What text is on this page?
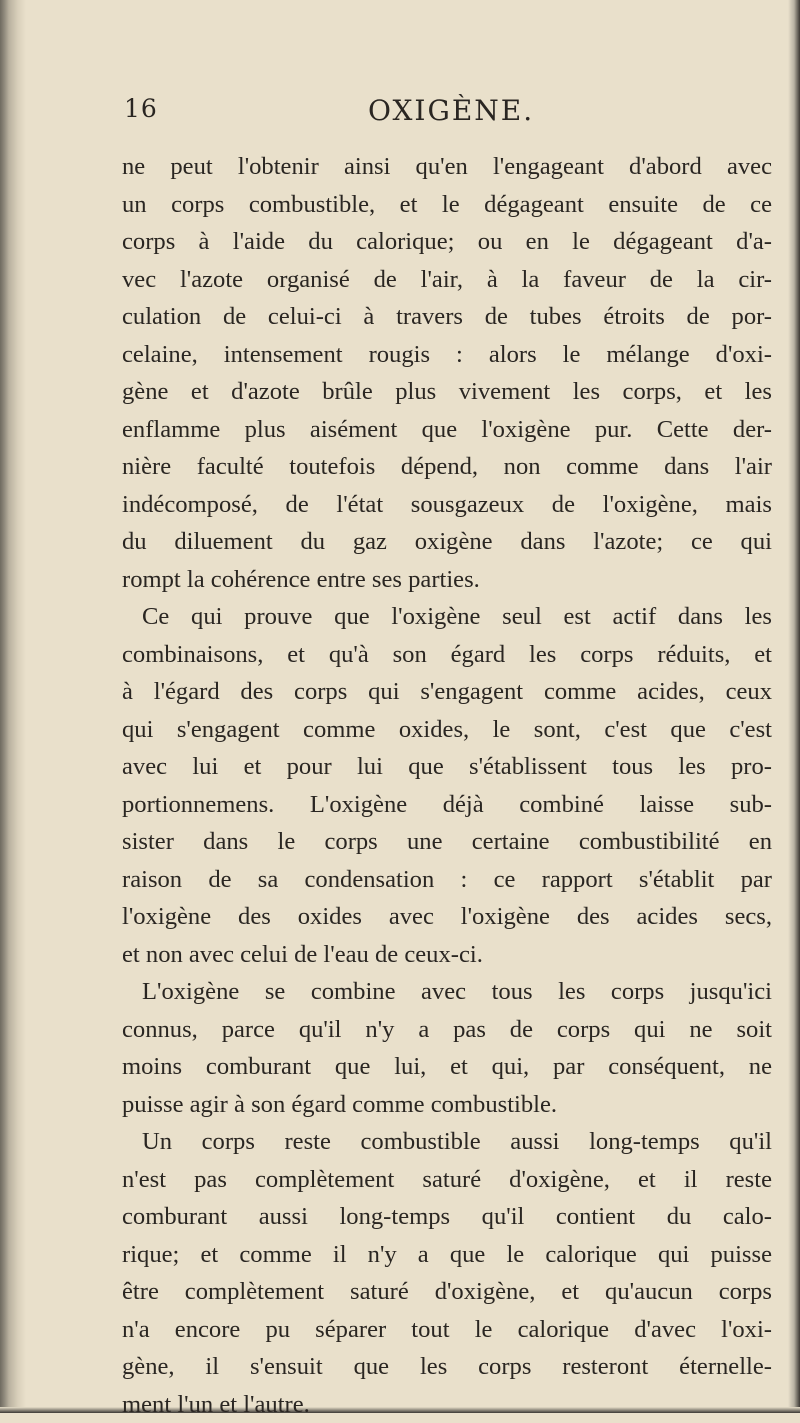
16	OXIGÈNE.

ne peut l'obtenir ainsi qu'en l'engageant d'abord avec
un corps combustible, et le dégageant ensuite de ce
corps à l'aide du calorique; ou en le dégageant d'a-
vec l'azote organisé de l'air, à la faveur de la cir-
culation de celui-ci à travers de tubes étroits de por-
celaine, intensement rougis : alors le mélange d'oxi-
gène et d'azote brûle plus vivement les corps, et les
enflamme plus aisément que l'oxigène pur. Cette der-
nière faculté toutefois dépend, non comme dans l'air
indécomposé, de l'état sousgazeux de l'oxigène, mais
du diluement du gaz oxigène dans l'azote; ce qui
rompt la cohérence entre ses parties.

Ce qui prouve que l'oxigène seul est actif dans les
combinaisons, et qu'à son égard les corps réduits, et
à l'égard des corps qui s'engagent comme acides, ceux
qui s'engagent comme oxides, le sont, c'est que c'est
avec lui et pour lui que s'établissent tous les pro-
portionnemens. L'oxigène déjà combiné laisse sub-
sister dans le corps une certaine combustibilité en
raison de sa condensation : ce rapport s'établit par
l'oxigène des oxides avec l'oxigène des acides secs,
et non avec celui de l'eau de ceux-ci.

L'oxigène se combine avec tous les corps jusqu'ici
connus, parce qu'il n'y a pas de corps qui ne soit
moins comburant que lui, et qui, par conséquent, ne
puisse agir à son égard comme combustible.

Un corps reste combustible aussi long-temps qu'il
n'est pas complètement saturé d'oxigène, et il reste
comburant aussi long-temps qu'il contient du calo-
rique; et comme il n'y a que le calorique qui puisse
être complètement saturé d'oxigène, et qu'aucun corps
n'a encore pu séparer tout le calorique d'avec l'oxi-
gène, il s'ensuit que les corps resteront éternelle-
ment l'un et l'autre.
